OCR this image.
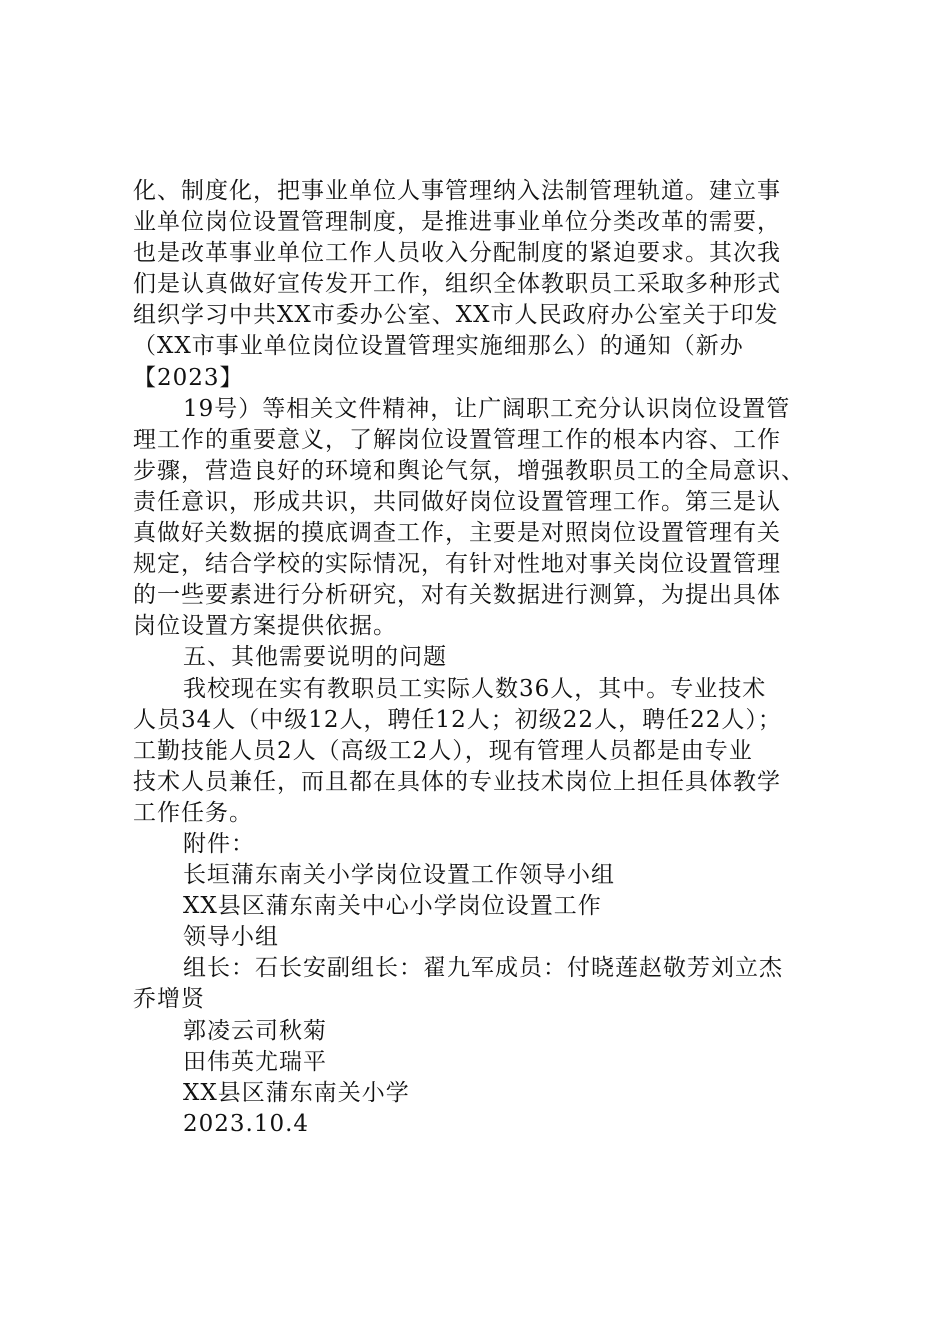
化、制度化，把事业单位人事管理纳入法制管理轨道。建立事
业单位岗位设置管理制度，是推进事业单位分类改革的需要，
也是改革事业单位工作人员收入分配制度的紧迫要求。其次我
们是认真做好宣传发开工作，组织全体教职员工采取多种形式
组织学习中共XX市委办公室、XX市人民政府办公室关于印发
（XX市事业单位岗位设置管理实施细那么）的通知（新办
【2023】
19号）等相关文件精神，让广阔职工充分认识岗位设置管
理工作的重要意义，了解岗位设置管理工作的根本内容、工作
步骤，营造良好的环境和舆论气氛，增强教职员工的全局意识、
责任意识，形成共识，共同做好岗位设置管理工作。第三是认
真做好关数据的摸底调查工作，主要是对照岗位设置管理有关
规定，结合学校的实际情况，有针对性地对事关岗位设置管理
的一些要素进行分析研究，对有关数据进行测算，为提出具体
岗位设置方案提供依据。
五、其他需要说明的问题
我校现在实有教职员工实际人数36人，其中。专业技术
人员34人（中级12人，聘任12人；初级22人，聘任22人）；
工勤技能人员2人（高级工2人），现有管理人员都是由专业
技术人员兼任，而且都在具体的专业技术岗位上担任具体教学
工作任务。
附件：
长垣蒲东南关小学岗位设置工作领导小组
XX县区蒲东南关中心小学岗位设置工作
领导小组
组长：石长安副组长：翟九军成员：付晓莲赵敬芳刘立杰
乔增贤
郭凌云司秋菊
田伟英尤瑞平
XX县区蒲东南关小学
2023.10.4
